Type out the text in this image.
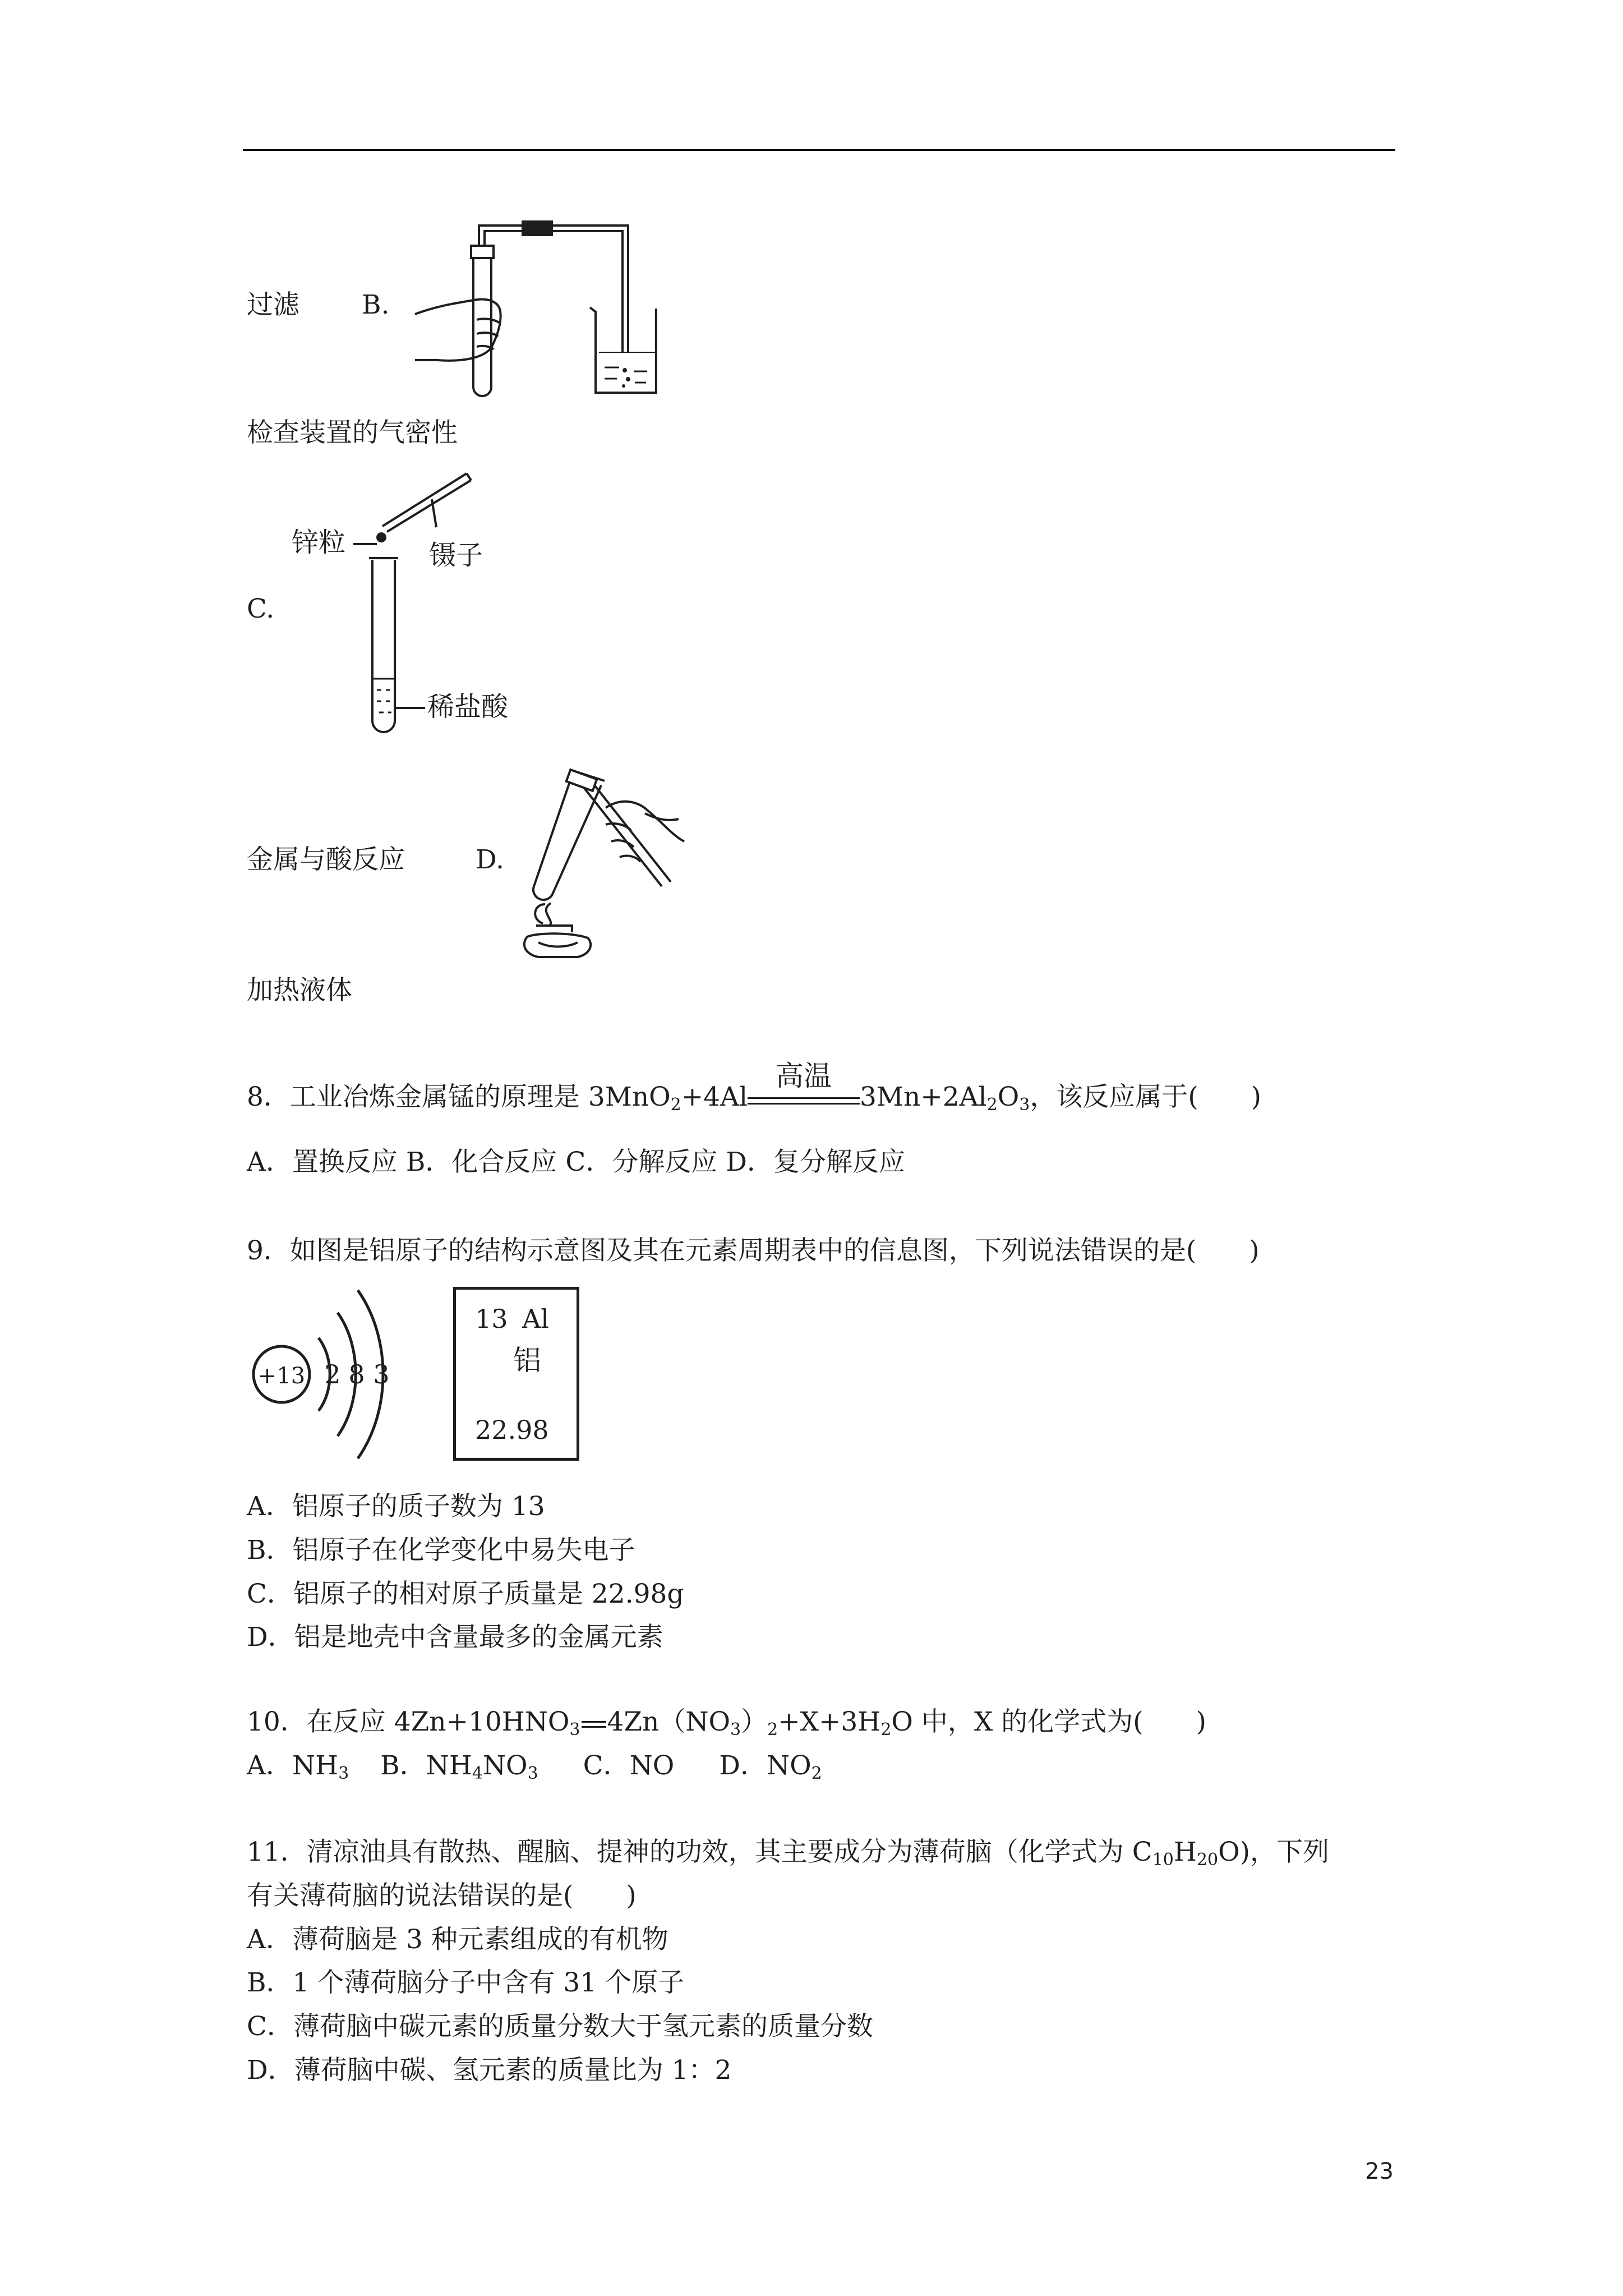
过滤 B.
检查装置的气密性
锌粒	镊子
C.
稀盐酸
金属与酸反应	D.
加热液体
8．工业冶炼金属锰的原理是 3MnO$_2$+4Al
高温
$3Mn+2Al_2O_3$，该反应属于(　　)
A．置换反应 B．化合反应 C．分解反应 D．复分解反应
9．如图是铝原子的结构示意图及其在元素周期表中的信息图，下列说法错误的是(　　)
+13 2 8 3
13 Al
铝
22.98
A．铝原子的质子数为 13
B．铝原子在化学变化中易失电子
C．铝原子的相对原子质量是 22.98g
D．铝是地壳中含量最多的金属元素
10．在反应 $4Zn+10HNO_3$ $4Zn(NO_3)_2+X+3H_2O$ 中，X 的化学式为(　　)
A．$NH_3$ B．$NH_4NO_3$ C．NO D．$NO_2$
11．清凉油具有散热、醒脑、提神的功效，其主要成分为薄荷脑（化学式为 $C_{10}H_{20}O$)，下列
有关薄荷脑的说法错误的是(　　)
A．薄荷脑是 3 种元素组成的有机物
B．1 个薄荷脑分子中含有 31 个原子
C．薄荷脑中碳元素的质量分数大于氢元素的质量分数
D．薄荷脑中碳、氢元素的质量比为 1：2
23
